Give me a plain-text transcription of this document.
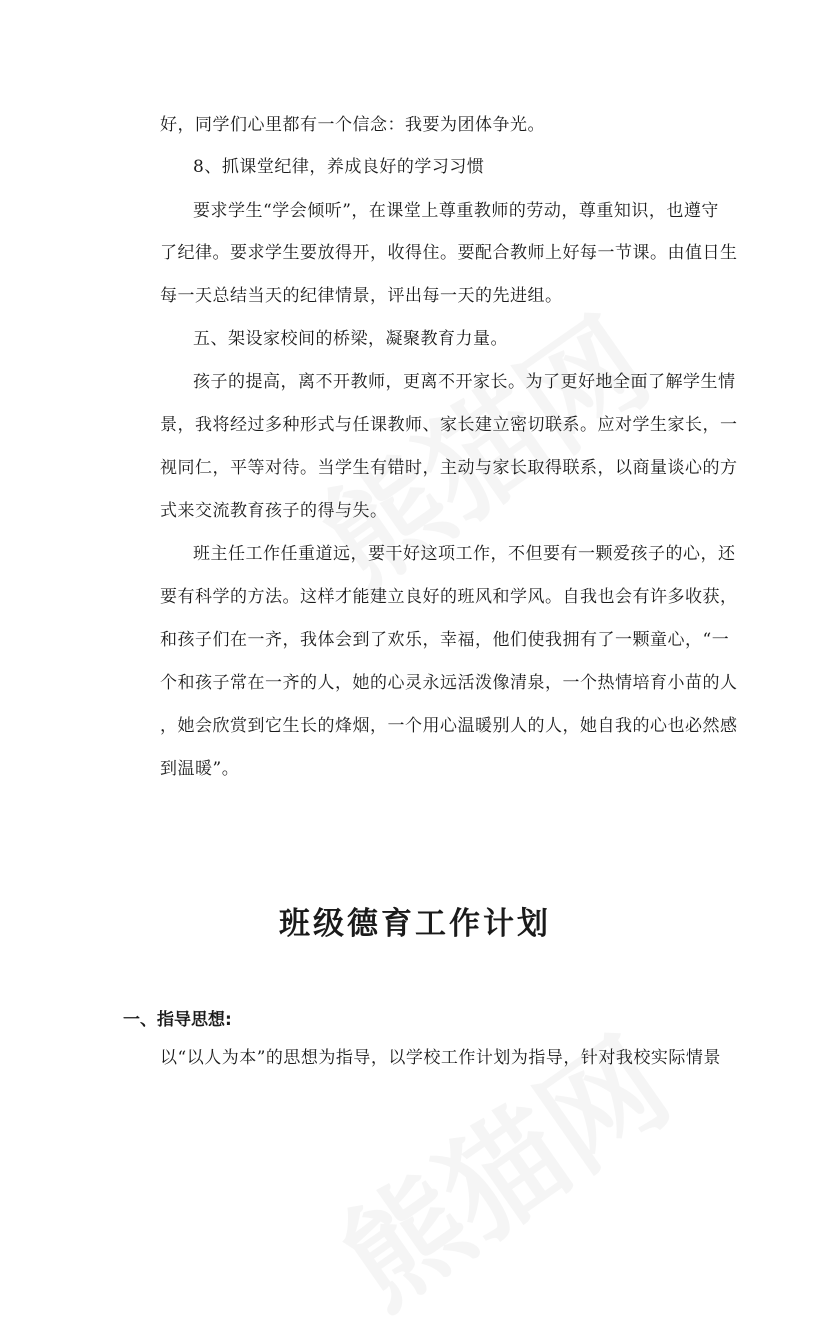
好，同学们心里都有一个信念：我要为团体争光。
8、抓课堂纪律，养成良好的学习习惯
要求学生“学会倾听”，在课堂上尊重教师的劳动，尊重知识，也遵守
了纪律。要求学生要放得开，收得住。要配合教师上好每一节课。由值日生
每一天总结当天的纪律情景，评出每一天的先进组。
五、架设家校间的桥梁，凝聚教育力量。
孩子的提高，离不开教师，更离不开家长。为了更好地全面了解学生情
景，我将经过多种形式与任课教师、家长建立密切联系。应对学生家长，一
视同仁，平等对待。当学生有错时，主动与家长取得联系，以商量谈心的方
式来交流教育孩子的得与失。
班主任工作任重道远，要干好这项工作，不但要有一颗爱孩子的心，还
要有科学的方法。这样才能建立良好的班风和学风。自我也会有许多收获，
和孩子们在一齐，我体会到了欢乐，幸福，他们使我拥有了一颗童心，“一
个和孩子常在一齐的人，她的心灵永远活泼像清泉，一个热情培育小苗的人
，她会欣赏到它生长的烽烟，一个用心温暖别人的人，她自我的心也必然感
到温暖”。
班级德育工作计划
一、指导思想:
以“以人为本”的思想为指导，以学校工作计划为指导，针对我校实际情景
